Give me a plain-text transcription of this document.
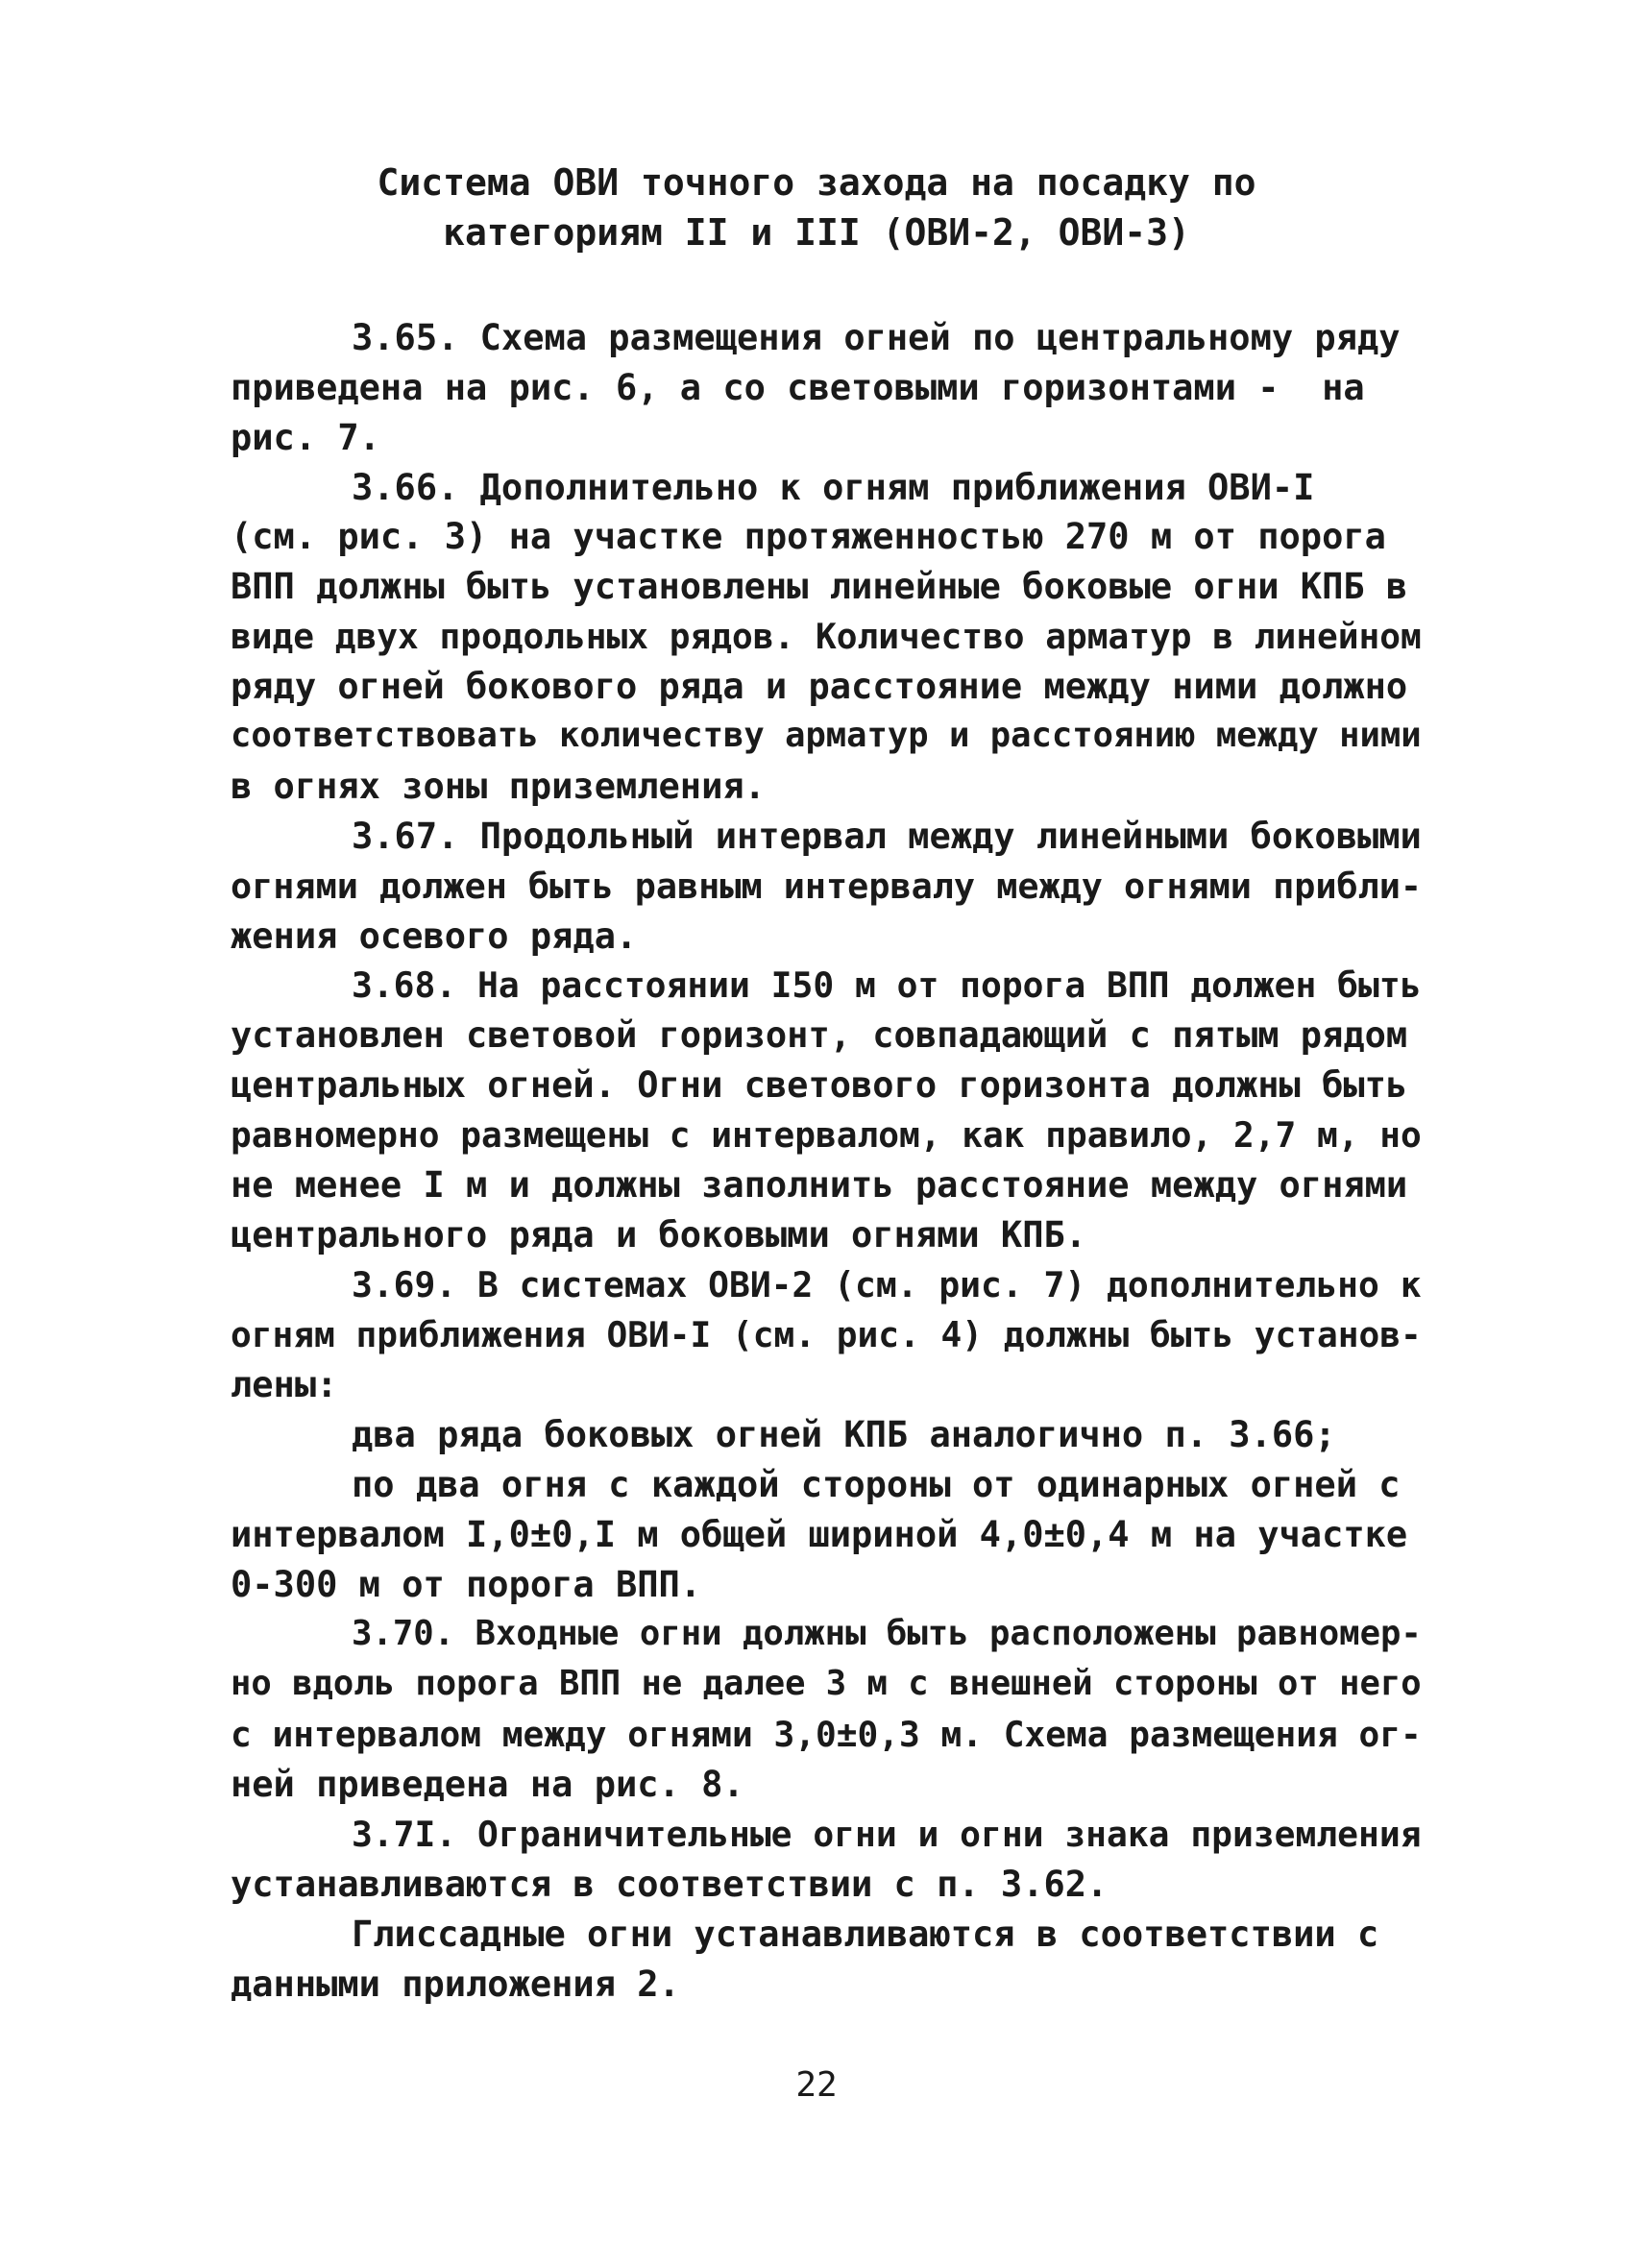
Система ОВИ точного захода на посадку по
категориям II и III (ОВИ-2, ОВИ-3)
3.65. Схема размещения огней по центральному ряду
приведена на рис. 6, а со световыми горизонтами -  на
рис. 7.
3.66. Дополнительно к огням приближения ОВИ-I
(см. рис. 3) на участке протяженностью 270 м от порога
ВПП должны быть установлены линейные боковые огни КПБ в
виде двух продольных рядов. Количество арматур в линейном
ряду огней бокового ряда и расстояние между ними должно
соответствовать количеству арматур и расстоянию между ними
в огнях зоны приземления.
3.67. Продольный интервал между линейными боковыми
огнями должен быть равным интервалу между огнями прибли-
жения осевого ряда.
3.68. На расстоянии I50 м от порога ВПП должен быть
установлен световой горизонт, совпадающий с пятым рядом
центральных огней. Огни светового горизонта должны быть
равномерно размещены с интервалом, как правило, 2,7 м, но
не менее I м и должны заполнить расстояние между огнями
центрального ряда и боковыми огнями КПБ.
3.69. В системах ОВИ-2 (см. рис. 7) дополнительно к
огням приближения ОВИ-I (см. рис. 4) должны быть установ-
лены:
два ряда боковых огней КПБ аналогично п. 3.66;
по два огня с каждой стороны от одинарных огней с
интервалом I,0±0,I м общей шириной 4,0±0,4 м на участке
0-300 м от порога ВПП.
3.70. Входные огни должны быть расположены равномер-
но вдоль порога ВПП не далее 3 м с внешней стороны от него
с интервалом между огнями 3,0±0,3 м. Схема размещения ог-
ней приведена на рис. 8.
3.7I. Ограничительные огни и огни знака приземления
устанавливаются в соответствии с п. 3.62.
Глиссадные огни устанавливаются в соответствии с
данными приложения 2.
22
